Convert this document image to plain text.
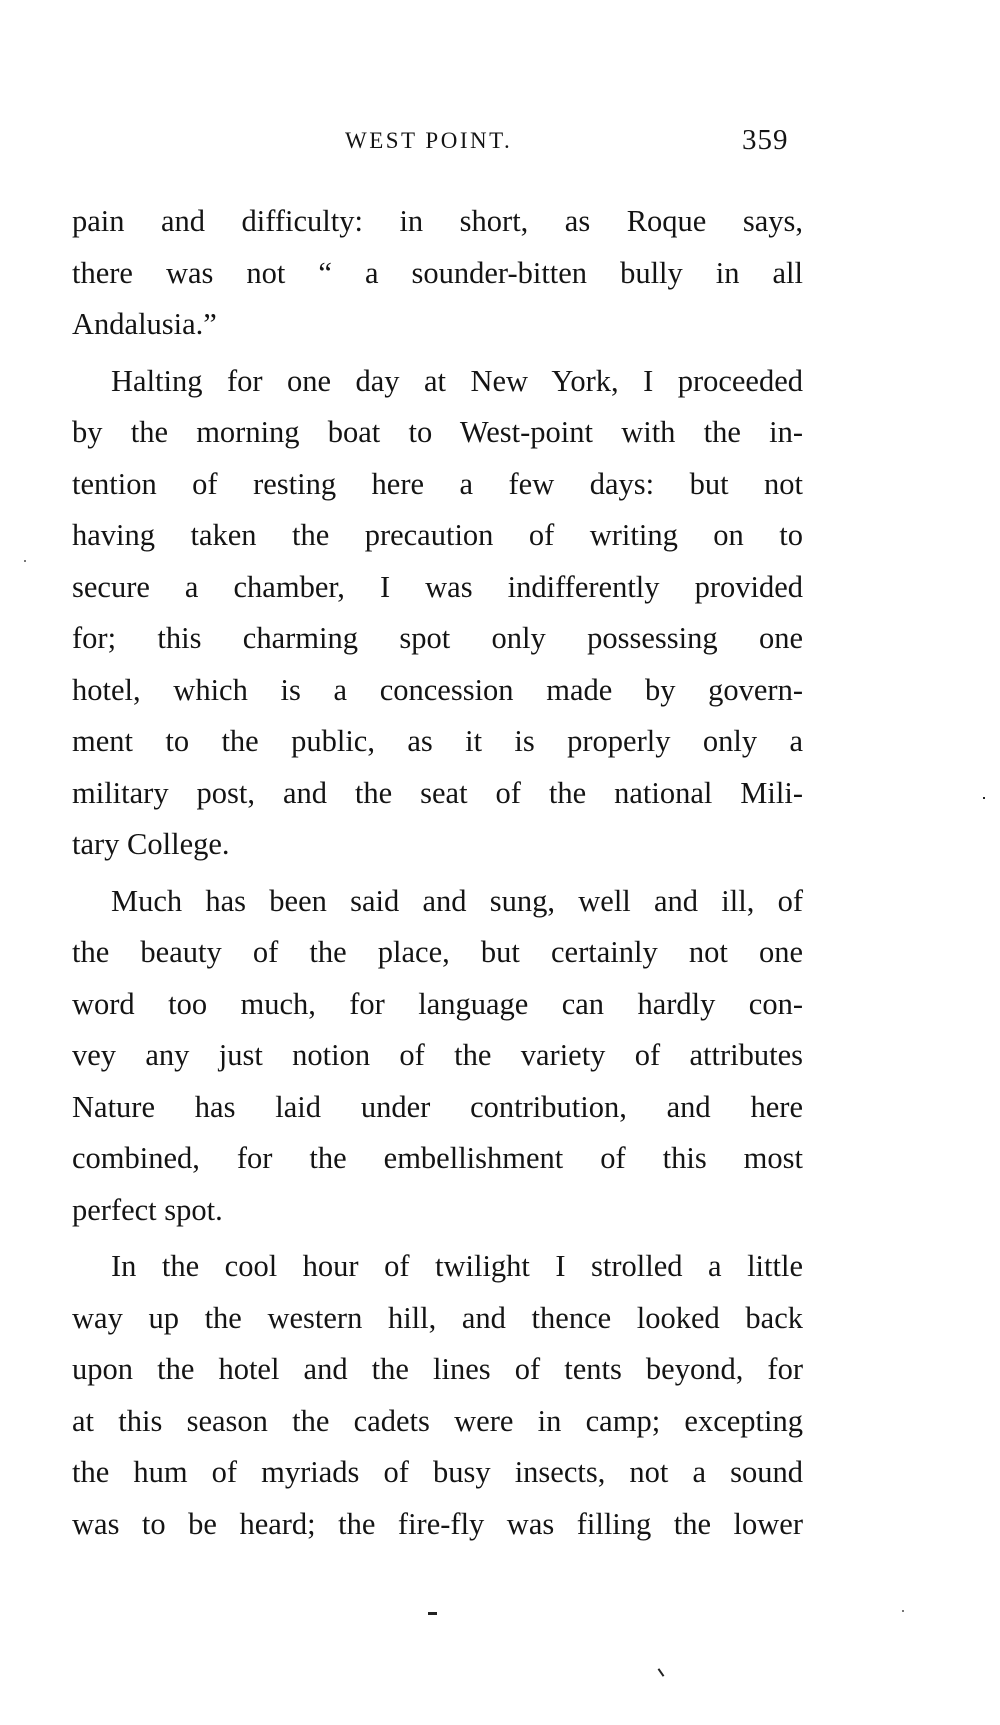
WEST POINT.	359
pain and difficulty: in short, as Roque says,
there was not “ a sounder-bitten bully in all
Andalusia.”
Halting for one day at New York, I proceeded
by the morning boat to West-point with the in-
tention of resting here a few days: but not
having taken the precaution of writing on to
secure a chamber, I was indifferently provided
for; this charming spot only possessing one
hotel, which is a concession made by govern-
ment to the public, as it is properly only a
military post, and the seat of the national Mili-
tary College.
Much has been said and sung, well and ill, of
the beauty of the place, but certainly not one
word too much, for language can hardly con-
vey any just notion of the variety of attributes
Nature has laid under contribution, and here
combined, for the embellishment of this most
perfect spot.
In the cool hour of twilight I strolled a little
way up the western hill, and thence looked back
upon the hotel and the lines of tents beyond, for
at this season the cadets were in camp; excepting
the hum of myriads of busy insects, not a sound
was to be heard; the fire-fly was filling the lower
